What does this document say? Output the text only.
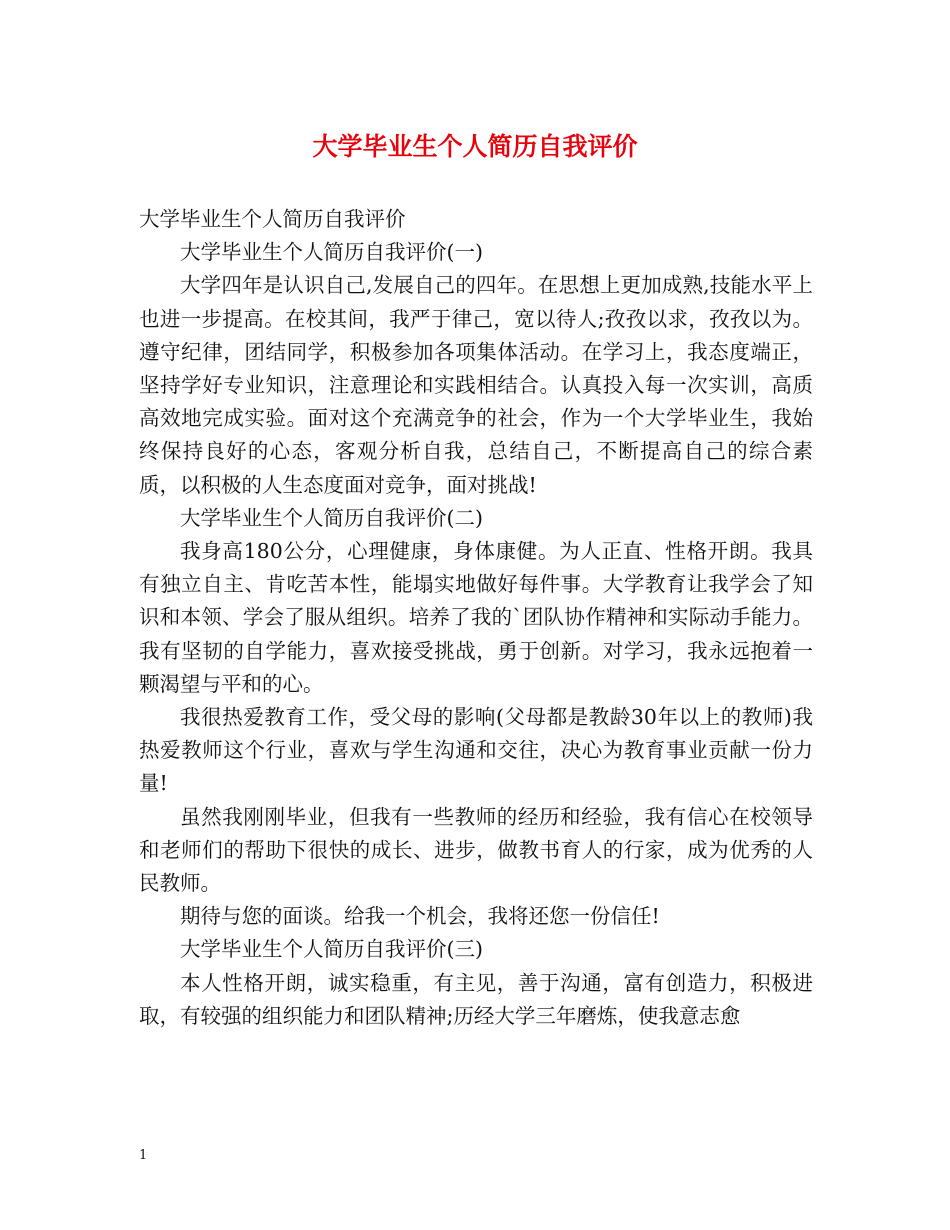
大学毕业生个人简历自我评价

大学毕业生个人简历自我评价

大学毕业生个人简历自我评价(一)

大学四年是认识自己,发展自己的四年。在思想上更加成熟,技能水平上也进一步提高。在校其间，我严于律己，宽以待人;孜孜以求，孜孜以为。遵守纪律，团结同学，积极参加各项集体活动。在学习上，我态度端正，坚持学好专业知识，注意理论和实践相结合。认真投入每一次实训，高质高效地完成实验。面对这个充满竞争的社会，作为一个大学毕业生，我始终保持良好的心态，客观分析自我，总结自己，不断提高自己的综合素质，以积极的人生态度面对竞争，面对挑战!

大学毕业生个人简历自我评价(二)

我身高180公分，心理健康，身体康健。为人正直、性格开朗。我具有独立自主、肯吃苦本性，能塌实地做好每件事。大学教育让我学会了知识和本领、学会了服从组织。培养了我的`团队协作精神和实际动手能力。我有坚韧的自学能力，喜欢接受挑战，勇于创新。对学习，我永远抱着一颗渴望与平和的心。

我很热爱教育工作，受父母的影响(父母都是教龄30年以上的教师)我热爱教师这个行业，喜欢与学生沟通和交往，决心为教育事业贡献一份力量!

虽然我刚刚毕业，但我有一些教师的经历和经验，我有信心在校领导和老师们的帮助下很快的成长、进步，做教书育人的行家，成为优秀的人民教师。

期待与您的面谈。给我一个机会，我将还您一份信任!

大学毕业生个人简历自我评价(三)

本人性格开朗，诚实稳重，有主见，善于沟通，富有创造力，积极进取，有较强的组织能力和团队精神;历经大学三年磨炼，使我意志愈

1
